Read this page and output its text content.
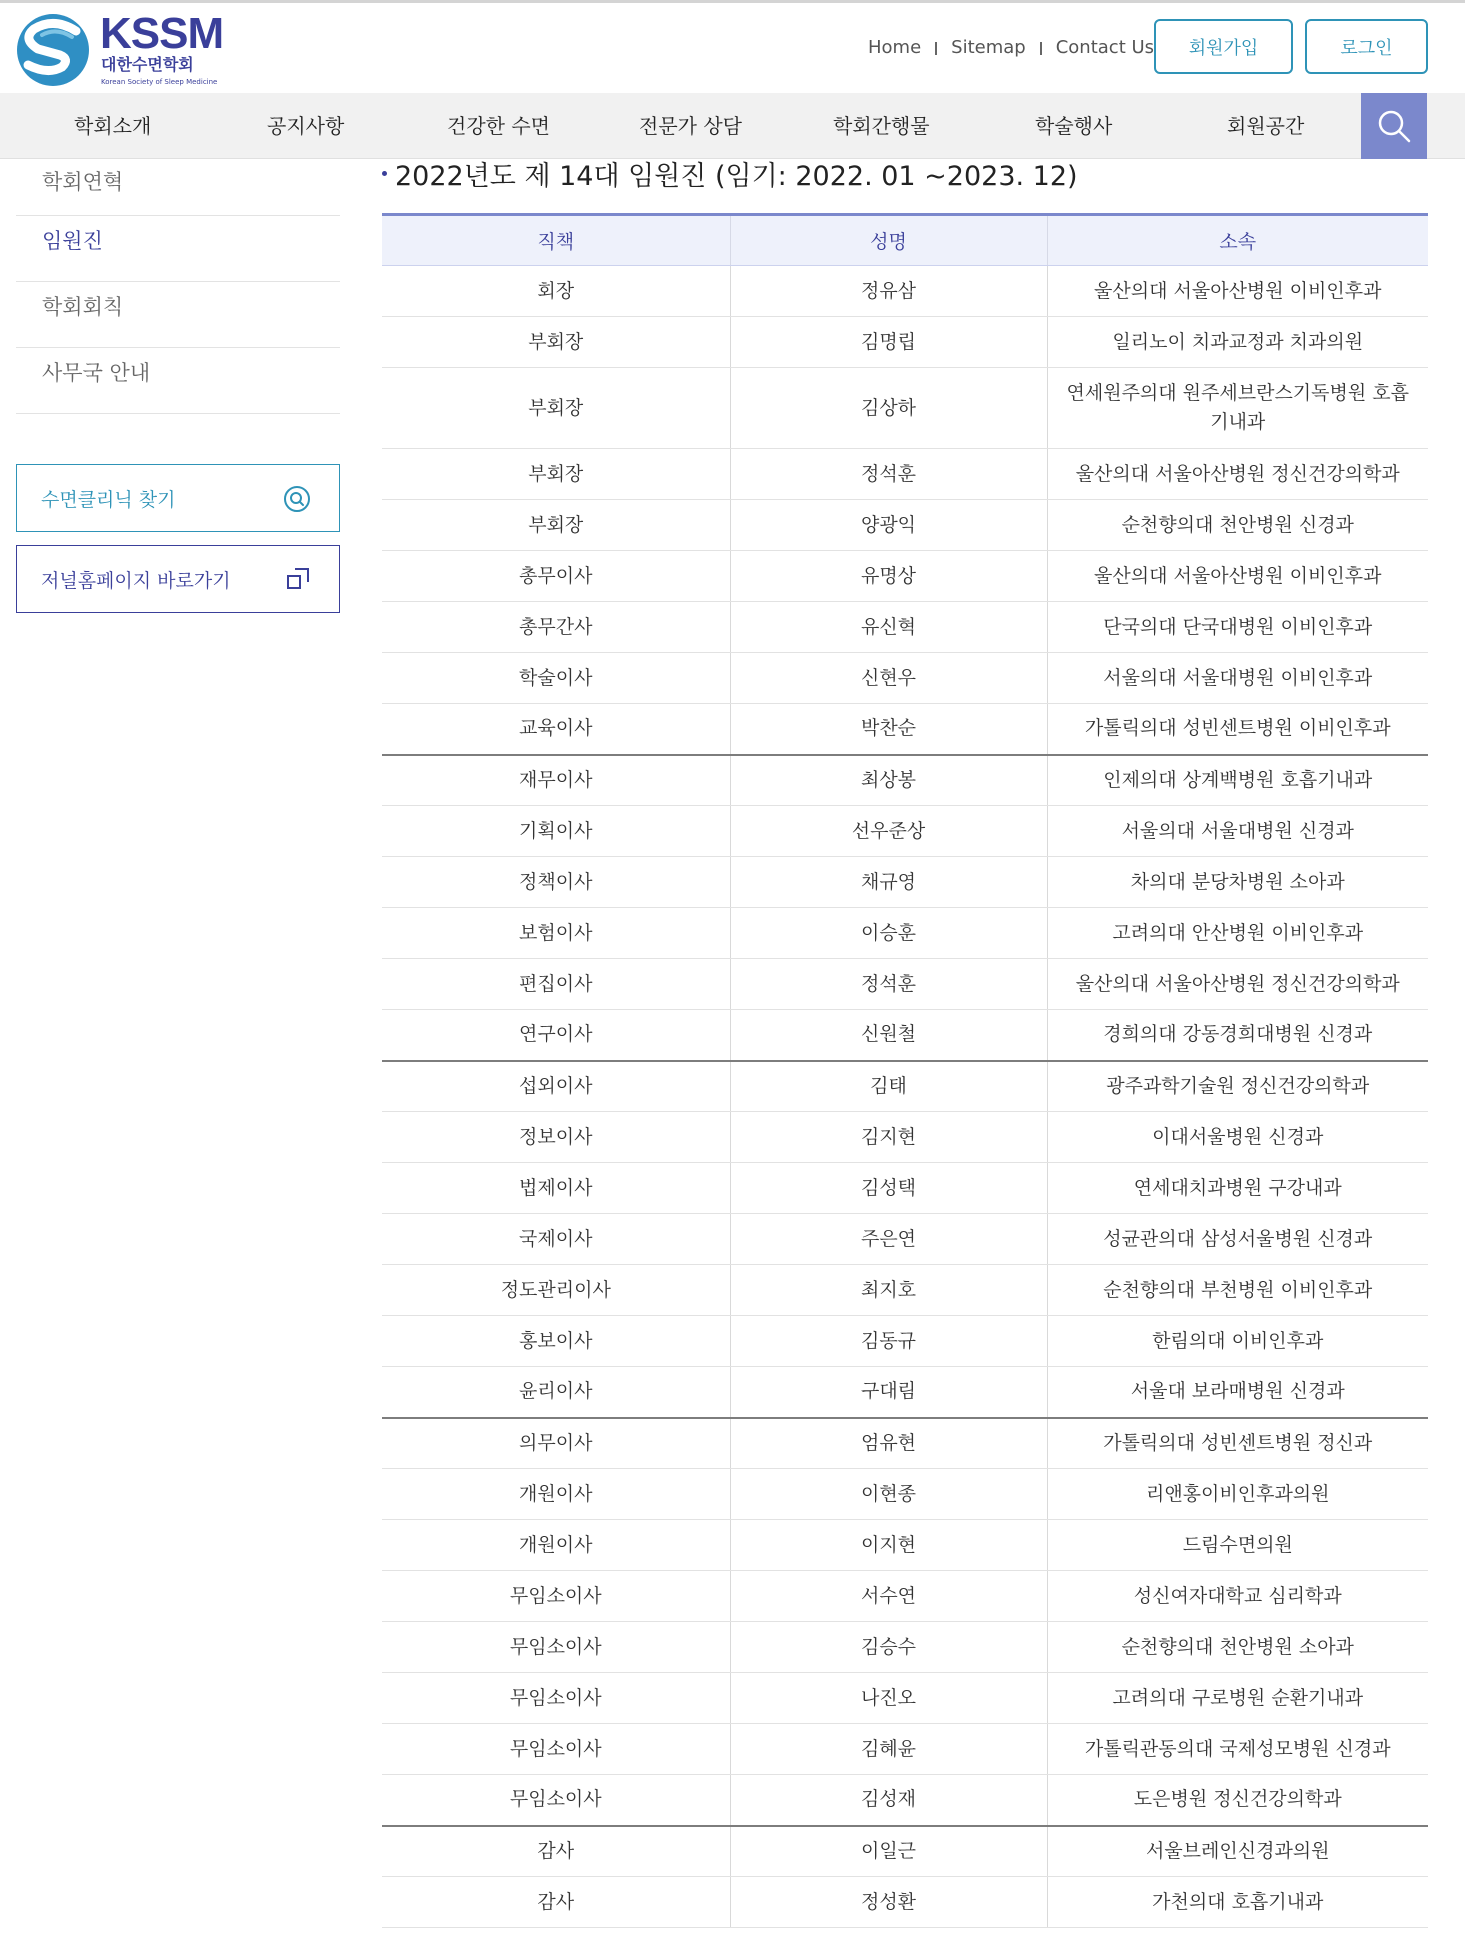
KSSM
대한수면학회
Korean Society of Sleep Medicine
Home Sitemap Contact Us	회원가입	로그인
학회소개	공지사항	건강한 수면	전문가 상담	학회간행물	학술행사	회원공간
학회연혁
임원진
학회회칙
사무국 안내
수면클리닉 찾기
저널홈페이지 바로가기
2022년도 제 14대 임원진 (임기: 2022. 01 ~2023. 12)
직책	성명	소속
회장	정유삼	울산의대 서울아산병원 이비인후과
부회장	김명립	일리노이 치과교정과 치과의원
부회장	김상하	연세원주의대 원주세브란스기독병원 호흡기내과
부회장	정석훈	울산의대 서울아산병원 정신건강의학과
부회장	양광익	순천향의대 천안병원 신경과
총무이사	유명상	울산의대 서울아산병원 이비인후과
총무간사	유신혁	단국의대 단국대병원 이비인후과
학술이사	신현우	서울의대 서울대병원 이비인후과
교육이사	박찬순	가톨릭의대 성빈센트병원 이비인후과
재무이사	최상봉	인제의대 상계백병원 호흡기내과
기획이사	선우준상	서울의대 서울대병원 신경과
정책이사	채규영	차의대 분당차병원 소아과
보험이사	이승훈	고려의대 안산병원 이비인후과
편집이사	정석훈	울산의대 서울아산병원 정신건강의학과
연구이사	신원철	경희의대 강동경희대병원 신경과
섭외이사	김태	광주과학기술원 정신건강의학과
정보이사	김지현	이대서울병원 신경과
법제이사	김성택	연세대치과병원 구강내과
국제이사	주은연	성균관의대 삼성서울병원 신경과
정도관리이사	최지호	순천향의대 부천병원 이비인후과
홍보이사	김동규	한림의대 이비인후과
윤리이사	구대림	서울대 보라매병원 신경과
의무이사	엄유현	가톨릭의대 성빈센트병원 정신과
개원이사	이현종	리앤홍이비인후과의원
개원이사	이지현	드림수면의원
무임소이사	서수연	성신여자대학교 심리학과
무임소이사	김승수	순천향의대 천안병원 소아과
무임소이사	나진오	고려의대 구로병원 순환기내과
무임소이사	김혜윤	가톨릭관동의대 국제성모병원 신경과
무임소이사	김성재	도은병원 정신건강의학과
감사	이일근	서울브레인신경과의원
감사	정성환	가천의대 호흡기내과
